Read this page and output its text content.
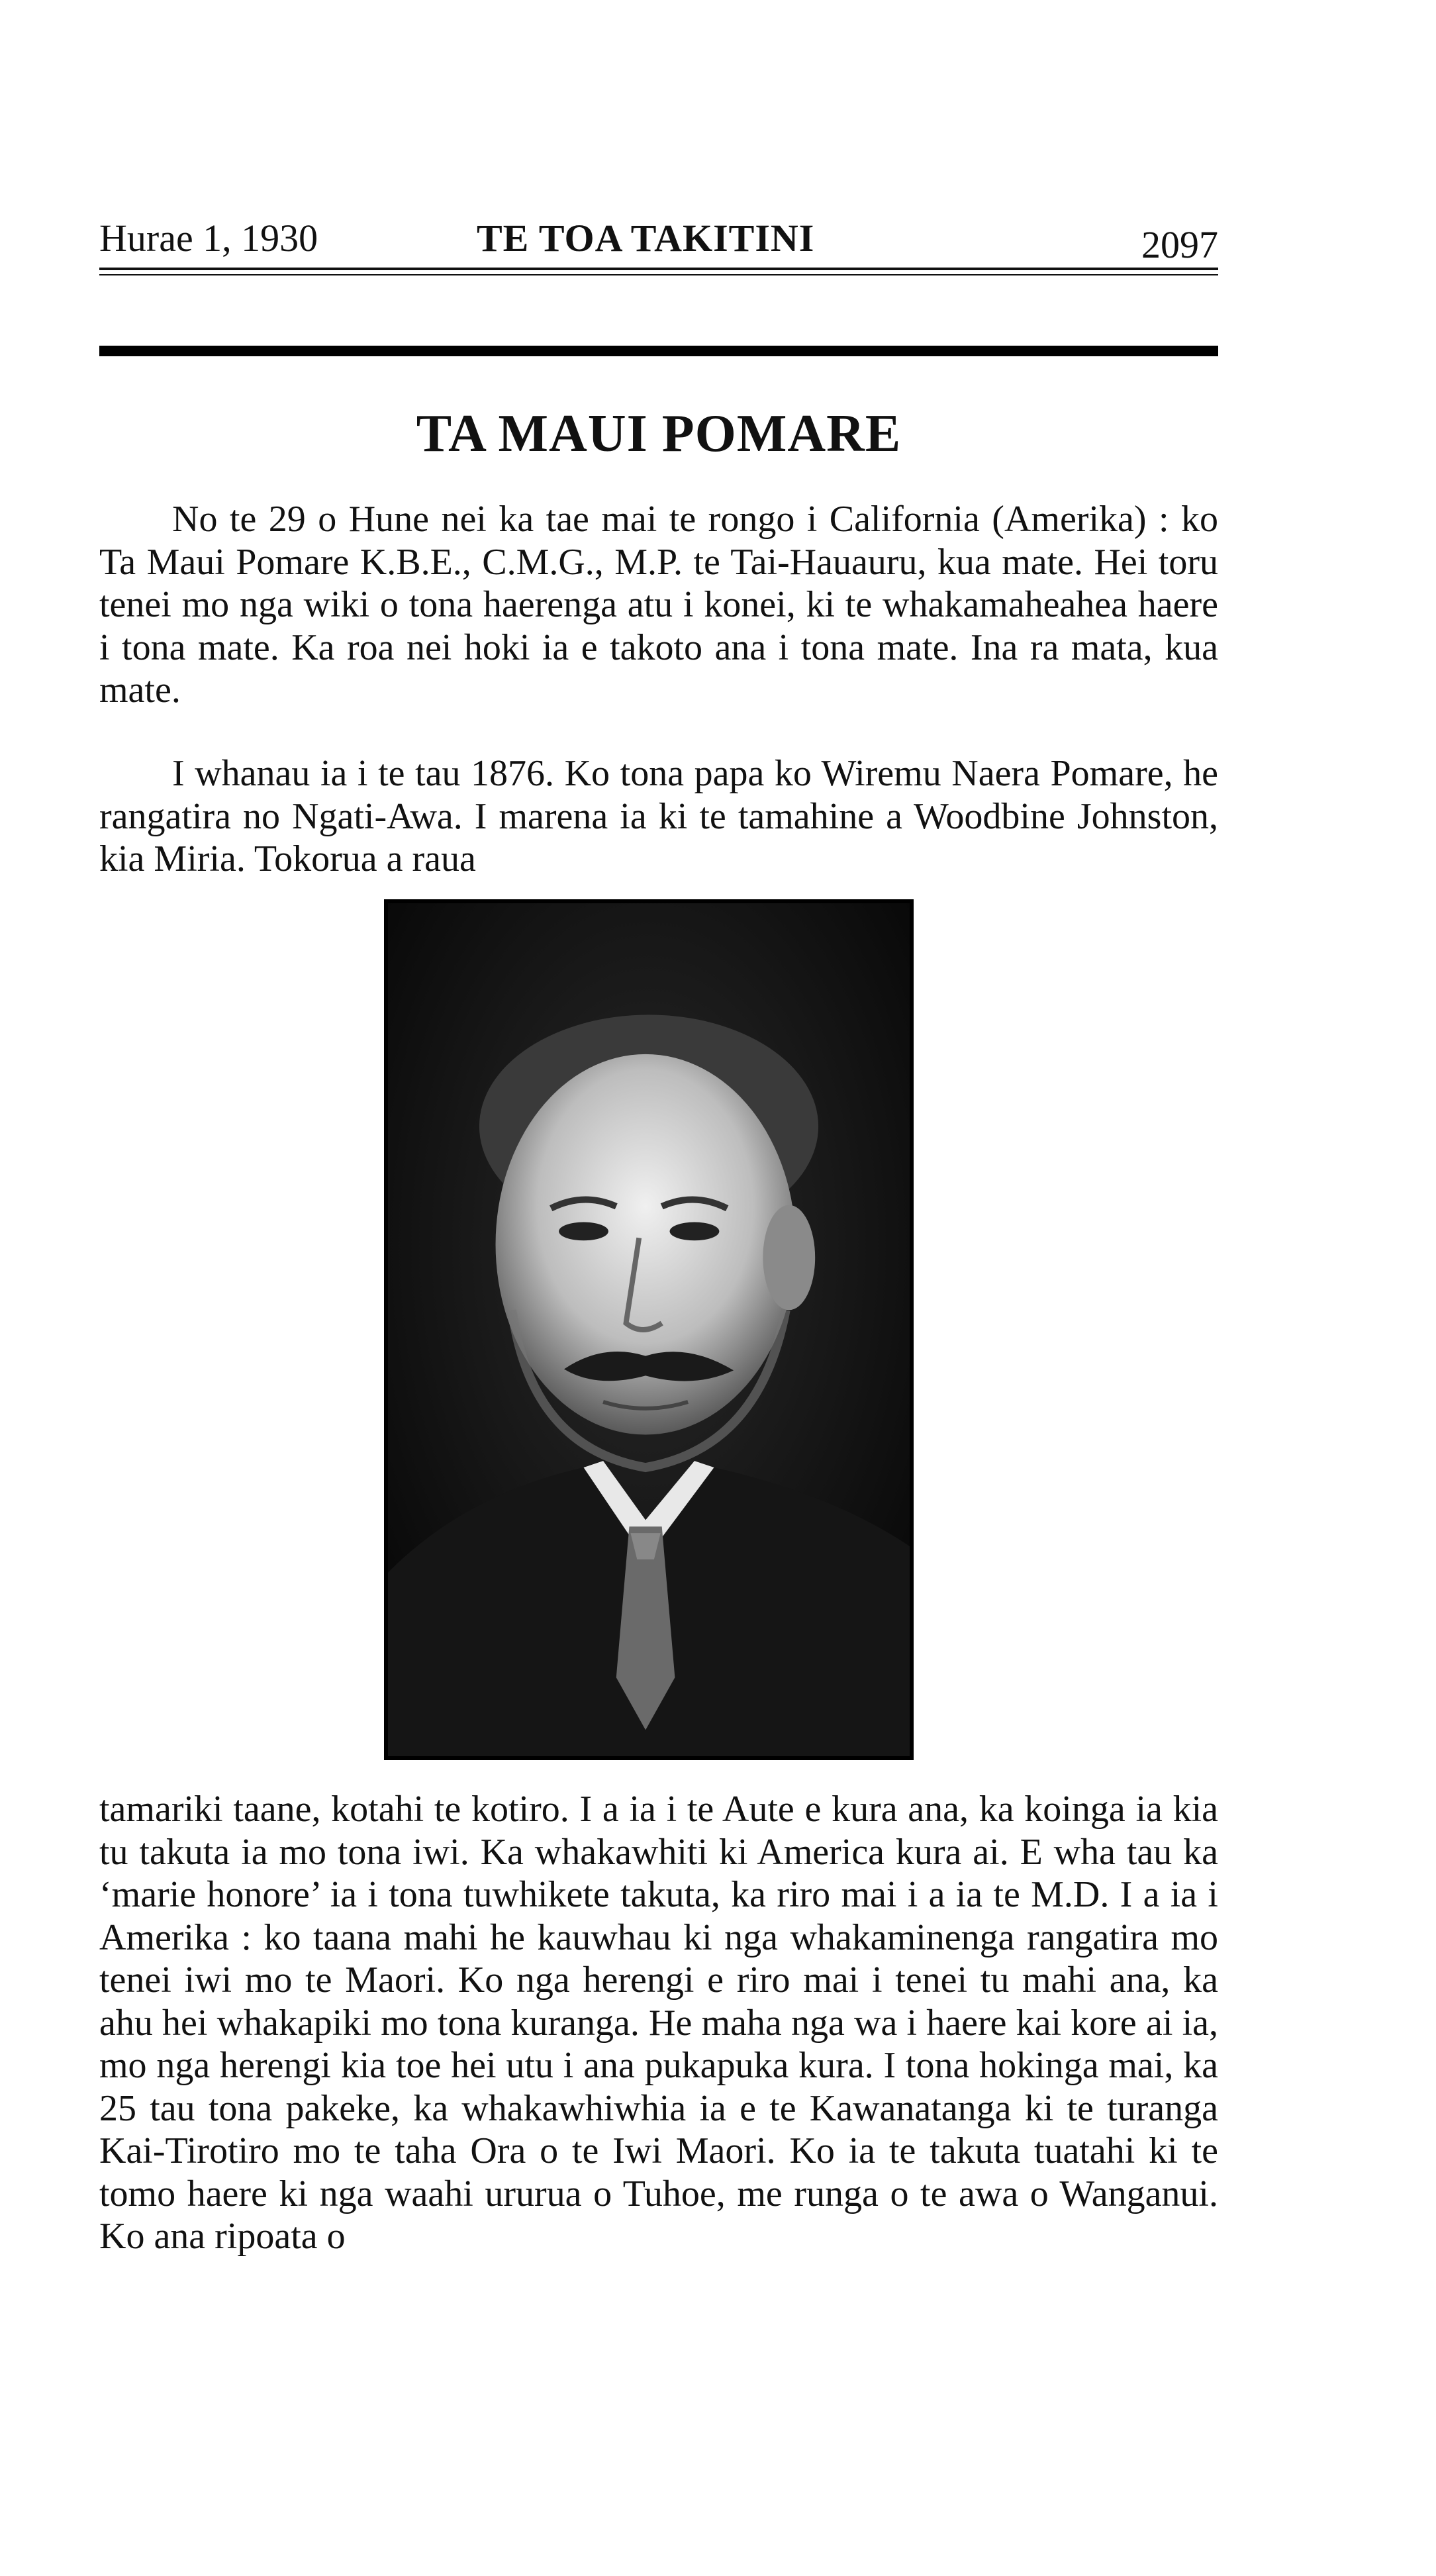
Hurae 1, 1930	TE TOA TAKITINI	2097
TA MAUI POMARE

No te 29 o Hune nei ka tae mai te rongo i California (Amerika) : ko Ta Maui Pomare K.B.E., C.M.G., M.P. te Tai-Hauauru, kua mate. Hei toru tenei mo nga wiki o tona haerenga atu i konei, ki te whakamaheahea haere i tona mate. Ka roa nei hoki ia e takoto ana i tona mate. Ina ra mata, kua mate.

I whanau ia i te tau 1876. Ko tona papa ko Wiremu Naera Pomare, he rangatira no Ngati-Awa. I marena ia ki te tamahine a Woodbine Johnston, kia Miria. Tokorua a raua

tamariki taane, kotahi te kotiro. I a ia i te Aute e kura ana, ka koinga ia kia tu takuta ia mo tona iwi. Ka whakawhiti ki America kura ai. E wha tau ka ‘marie honore’ ia i tona tuwhikete takuta, ka riro mai i a ia te M.D. I a ia i Amerika : ko taana mahi he kauwhau ki nga whakaminenga rangatira mo tenei iwi mo te Maori. Ko nga herengi e riro mai i tenei tu mahi ana, ka ahu hei whakapiki mo tona kuranga. He maha nga wa i haere kai kore ai ia, mo nga herengi kia toe hei utu i ana pukapuka kura. I tona hokinga mai, ka 25 tau tona pakeke, ka whakawhiwhia ia e te Kawanatanga ki te turanga Kai-Tirotiro mo te taha Ora o te Iwi Maori. Ko ia te takuta tuatahi ki te tomo haere ki nga waahi ururua o Tuhoe, me runga o te awa o Wanganui. Ko ana ripoata o
